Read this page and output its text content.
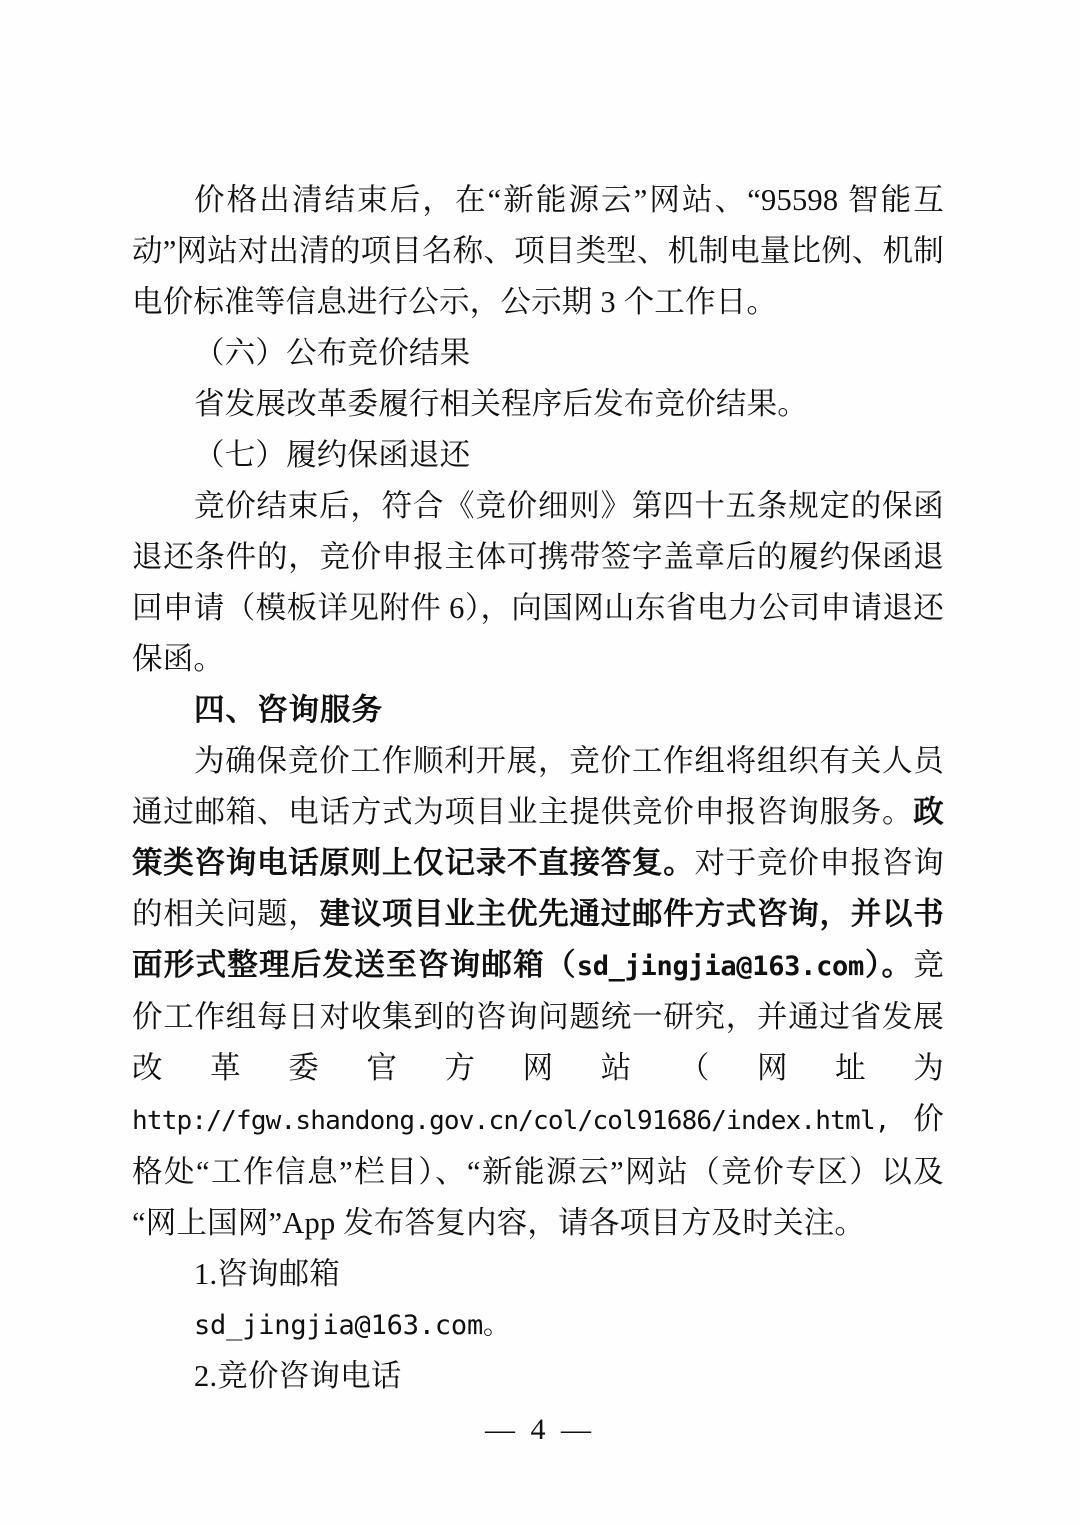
价格出清结束后，在“新能源云”网站、“95598 智能互动”网站对出清的项目名称、项目类型、机制电量比例、机制电价标准等信息进行公示，公示期 3 个工作日。

（六）公布竞价结果

省发展改革委履行相关程序后发布竞价结果。

（七）履约保函退还

竞价结束后，符合《竞价细则》第四十五条规定的保函退还条件的，竞价申报主体可携带签字盖章后的履约保函退回申请（模板详见附件 6），向国网山东省电力公司申请退还保函。

四、咨询服务

为确保竞价工作顺利开展，竞价工作组将组织有关人员通过邮箱、电话方式为项目业主提供竞价申报咨询服务。政策类咨询电话原则上仅记录不直接答复。对于竞价申报咨询的相关问题，建议项目业主优先通过邮件方式咨询，并以书面形式整理后发送至咨询邮箱（sd_jingjia@163.com）。竞价工作组每日对收集到的咨询问题统一研究，并通过省发展改革委官方网站（网址为http://fgw.shandong.gov.cn/col/col91686/index.html,价格处“工作信息”栏目）、“新能源云”网站（竞价专区）以及“网上国网”App 发布答复内容，请各项目方及时关注。

1.咨询邮箱

sd_jingjia@163.com。

2.竞价咨询电话

— 4 —
